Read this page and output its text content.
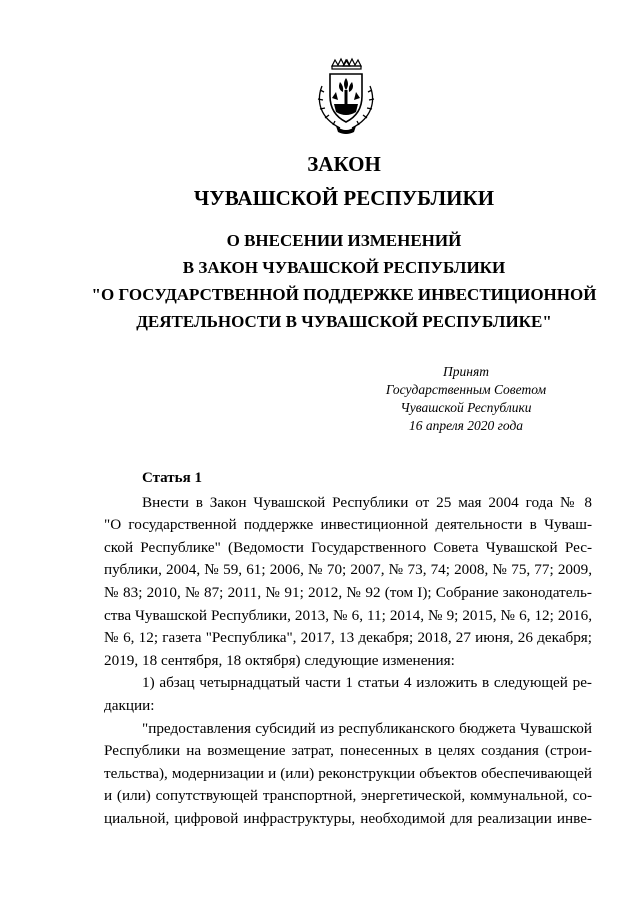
ЗАКОН
ЧУВАШСКОЙ РЕСПУБЛИКИ
О ВНЕСЕНИИ ИЗМЕНЕНИЙ
В ЗАКОН ЧУВАШСКОЙ РЕСПУБЛИКИ
"О ГОСУДАРСТВЕННОЙ ПОДДЕРЖКЕ ИНВЕСТИЦИОННОЙ
ДЕЯТЕЛЬНОСТИ В ЧУВАШСКОЙ РЕСПУБЛИКЕ"
Принят
Государственным Советом
Чувашской Республики
16 апреля 2020 года
Статья 1
Внести в Закон Чувашской Республики от 25 мая 2004 года № 8
"О государственной поддержке инвестиционной деятельности в Чуваш-
ской Республике" (Ведомости Государственного Совета Чувашской Рес-
публики, 2004, № 59, 61; 2006, № 70; 2007, № 73, 74; 2008, № 75, 77; 2009,
№ 83; 2010, № 87; 2011, № 91; 2012, № 92 (том I); Собрание законодатель-
ства Чувашской Республики, 2013, № 6, 11; 2014, № 9; 2015, № 6, 12; 2016,
№ 6, 12; газета "Республика", 2017, 13 декабря; 2018, 27 июня, 26 декабря;
2019, 18 сентября, 18 октября) следующие изменения:
1) абзац четырнадцатый части 1 статьи 4 изложить в следующей ре-
дакции:
"предоставления субсидий из республиканского бюджета Чувашской
Республики на возмещение затрат, понесенных в целях создания (строи-
тельства), модернизации и (или) реконструкции объектов обеспечивающей
и (или) сопутствующей транспортной, энергетической, коммунальной, со-
циальной, цифровой инфраструктуры, необходимой для реализации инве-
